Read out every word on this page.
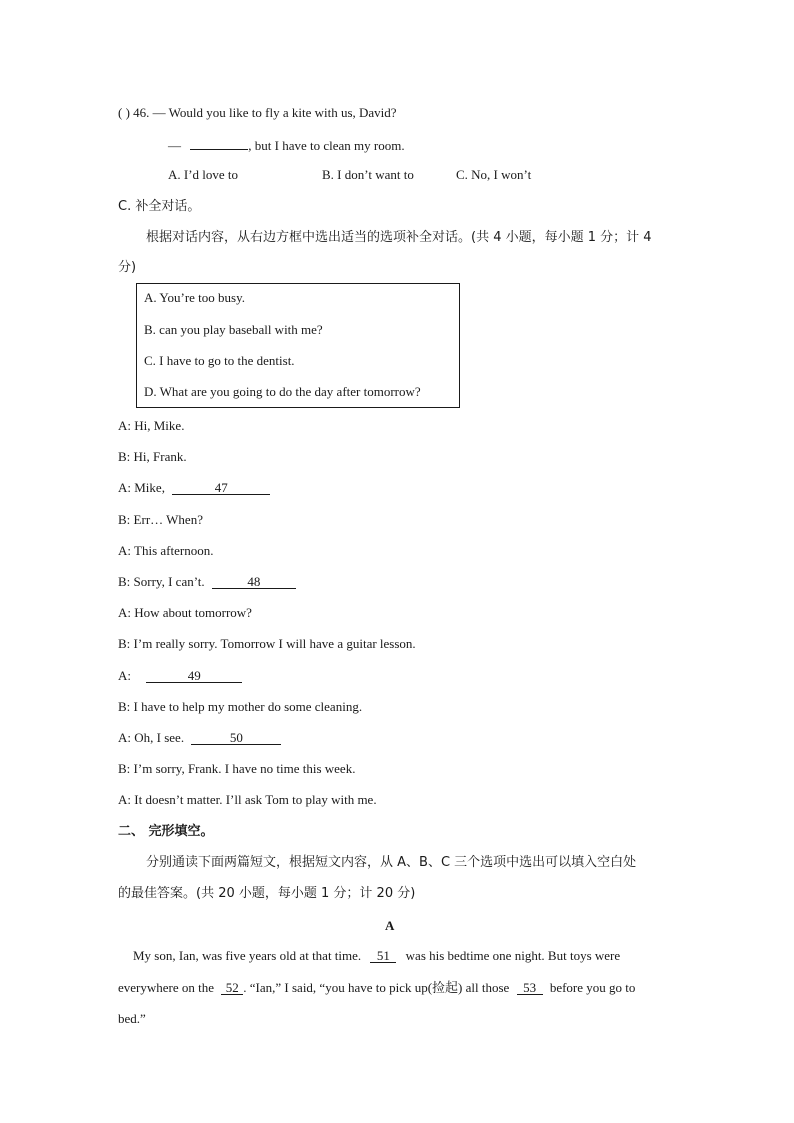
( ) 46. — Would you like to fly a kite with us, David?
—	, but I have to clean my room.
A. I’d love to	B. I don’t want to	C. No, I won’t
C. 补全对话。
根据对话内容，从右边方框中选出适当的选项补全对话。(共 4 小题，每小题 1 分；计 4
分)
A. You’re too busy.
B. can you play baseball with me?
C. I have to go to the dentist.
D. What are you going to do the day after tomorrow?
A: Hi, Mike.
B: Hi, Frank.
A: Mike,	47
B: Err… When?
A: This afternoon.
B: Sorry, I can’t.	48
A: How about tomorrow?
B: I’m really sorry. Tomorrow I will have a guitar lesson.
A:	49
B: I have to help my mother do some cleaning.
A: Oh, I see.	50
B: I’m sorry, Frank. I have no time this week.
A: It doesn’t matter. I’ll ask Tom to play with me.
二、 完形填空。
分别通读下面两篇短文，根据短文内容，从 A、B、C 三个选项中选出可以填入空白处
的最佳答案。(共 20 小题，每小题 1 分；计 20 分)
A
My son, Ian, was five years old at that time. 51 was his bedtime one night. But toys were
everywhere on the 52 . “Ian,” I said, “you have to pick up(捡起) all those 53 before you go to
bed.”
